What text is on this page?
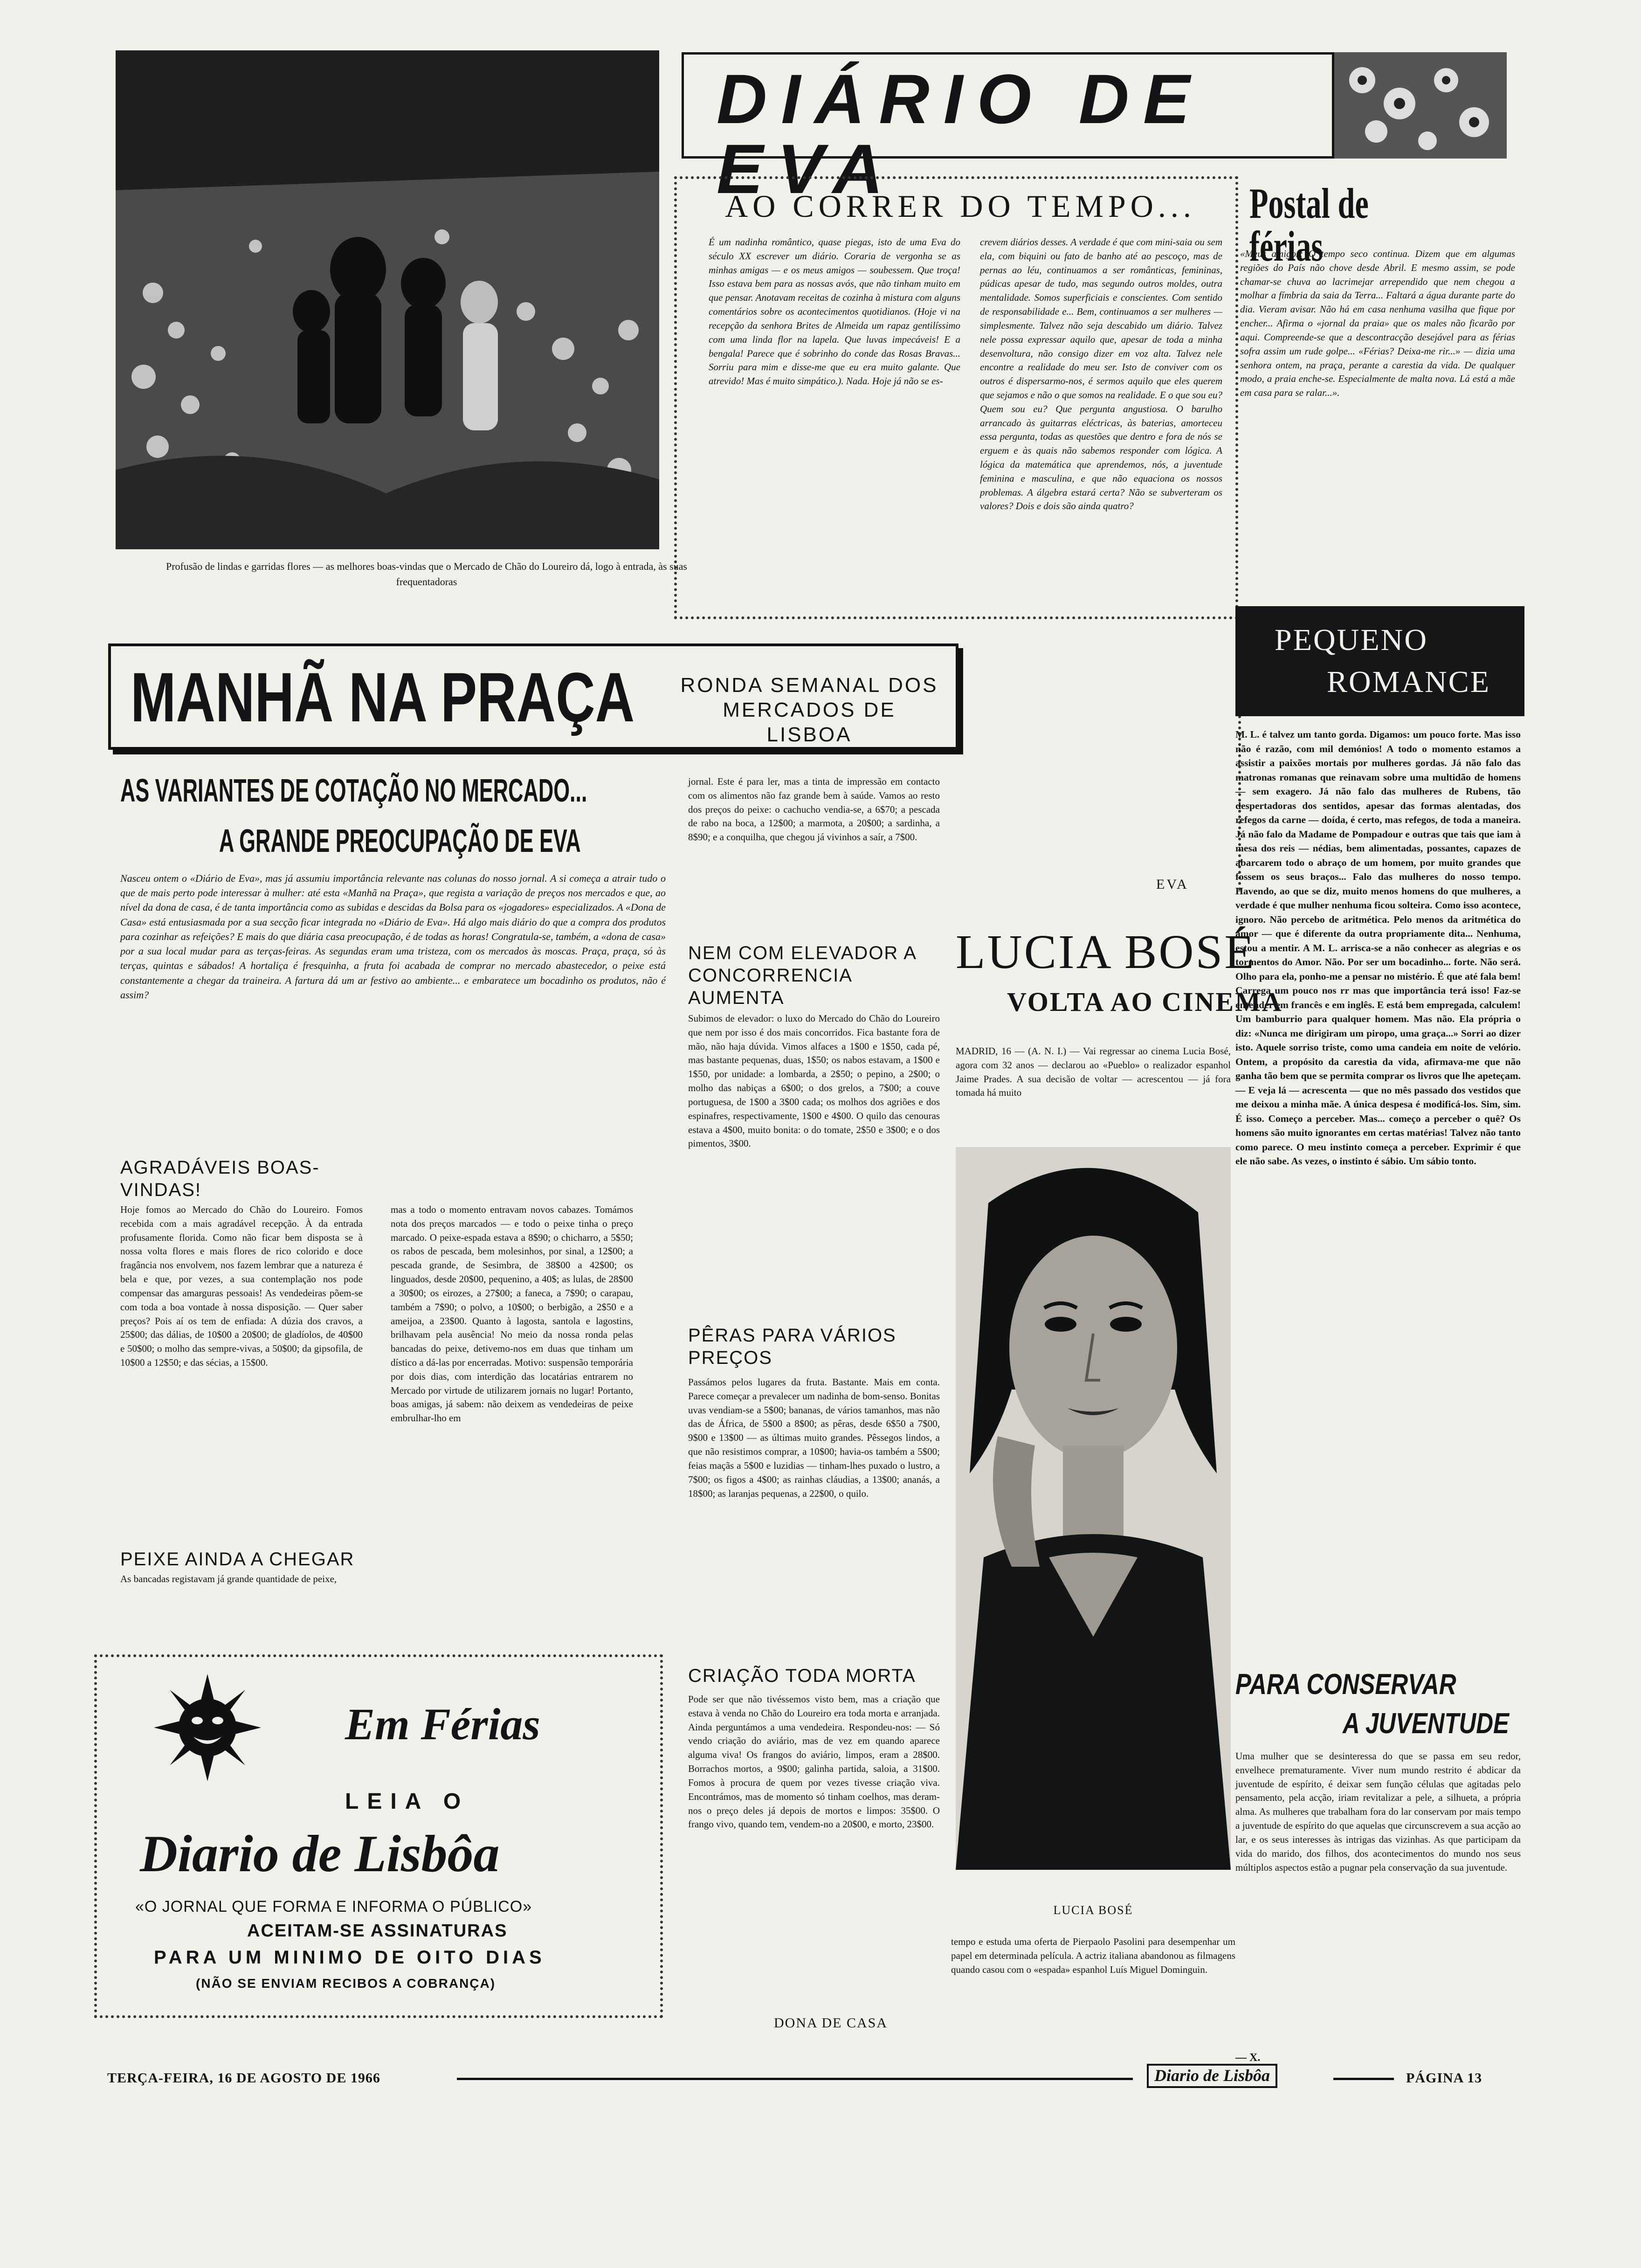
Profusão de lindas e garridas flores — as melhores boas-vindas que o Mercado de Chão do Loureiro dá, logo à entrada, às suas frequentadoras
DIÁRIO DE EVA
AO CORRER DO TEMPO...
É um nadinha romântico, quase piegas, isto de uma Eva do século XX escrever um diário. Coraria de vergonha se as minhas amigas — e os meus amigos — soubessem. Que troça! Isso estava bem para as nossas avós, que não tinham muito em que pensar. Anotavam receitas de cozinha à mistura com alguns comentários sobre os acontecimentos quotidianos. (Hoje vi na recepção da senhora Brites de Almeida um rapaz gentilíssimo com uma linda flor na lapela. Que luvas impecáveis! E a bengala! Parece que é sobrinho do conde das Rosas Bravas... Sorriu para mim e disse-me que eu era muito galante. Que atrevido! Mas é muito simpático.). Nada. Hoje já não se es-
crevem diários desses. A verdade é que com mini-saia ou sem ela, com biquini ou fato de banho até ao pescoço, mas de pernas ao léu, continuamos a ser românticas, femininas, púdicas apesar de tudo, mas segundo outros moldes, outra mentalidade. Somos superficiais e conscientes. Com sentido de responsabilidade e... Bem, continuamos a ser mulheres — simplesmente. Talvez não seja descabido um diário. Talvez nele possa expressar aquilo que, apesar de toda a minha desenvoltura, não consigo dizer em voz alta. Talvez nele encontre a realidade do meu ser. Isto de conviver com os outros é dispersarmo-nos, é sermos aquilo que eles querem que sejamos e não o que somos na realidade. E o que sou eu? Quem sou eu? Que pergunta angustiosa. O barulho arrancado às guitarras eléctricas, às baterias, amorteceu essa pergunta, todas as questões que dentro e fora de nós se erguem e às quais não sabemos responder com lógica. A lógica da matemática que aprendemos, nós, a juventude feminina e masculina, e que não equaciona os nossos problemas. A álgebra estará certa? Não se subverteram os valores? Dois e dois são ainda quatro?
EVA
Postal de férias
«Meus amigos: O tempo seco continua. Dizem que em algumas regiões do País não chove desde Abril. E mesmo assim, se pode chamar-se chuva ao lacrimejar arrependido que nem chegou a molhar a fímbria da saia da Terra... Faltará a água durante parte do dia. Vieram avisar. Não há em casa nenhuma vasilha que fique por encher... Afirma o «jornal da praia» que os males não ficarão por aqui. Compreende-se que a descontracção desejável para as férias sofra assim um rude golpe... «Férias? Deixa-me rir...» — dizia uma senhora ontem, na praça, perante a carestia da vida. De qualquer modo, a praia enche-se. Especialmente de malta nova. Lá está a mãe em casa para se ralar...».
PEQUENO
ROMANCE
M. L. é talvez um tanto gorda. Digamos: um pouco forte. Mas isso não é razão, com mil demónios! A todo o momento estamos a assistir a paixões mortais por mulheres gordas. Já não falo das matronas romanas que reinavam sobre uma multidão de homens — sem exagero. Já não falo das mulheres de Rubens, tão despertadoras dos sentidos, apesar das formas alentadas, dos refegos da carne — doída, é certo, mas refegos, de toda a maneira. Já não falo da Madame de Pompadour e outras que tais que iam à mesa dos reis — nédias, bem alimentadas, possantes, capazes de abarcarem todo o abraço de um homem, por muito grandes que fossem os seus braços... Falo das mulheres do nosso tempo. Havendo, ao que se diz, muito menos homens do que mulheres, a verdade é que mulher nenhuma ficou solteira. Como isso acontece, ignoro. Não percebo de aritmética. Pelo menos da aritmética do amor — que é diferente da outra propriamente dita... Nenhuma, estou a mentir. A M. L. arrisca-se a não conhecer as alegrias e os tormentos do Amor. Não. Por ser um bocadinho... forte. Não será. Olho para ela, ponho-me a pensar no mistério. É que até fala bem! Carrega um pouco nos rr mas que importância terá isso! Faz-se entender em francês e em inglês. E está bem empregada, calculem! Um bamburrio para qualquer homem. Mas não. Ela própria o diz: «Nunca me dirigiram um piropo, uma graça...» Sorri ao dizer isto. Aquele sorriso triste, como uma candeia em noite de velório. Ontem, a propósito da carestia da vida, afirmava-me que não ganha tão bem que se permita comprar os livros que lhe apeteçam. — E veja lá — acrescenta — que no mês passado dos vestidos que me deixou a minha mãe. A única despesa é modificá-los. Sim, sim. É isso. Começo a perceber. Mas... começo a perceber o quê? Os homens são muito ignorantes em certas matérias! Talvez não tanto como parece. O meu instinto começa a perceber. Exprimir é que ele não sabe. As vezes, o instinto é sábio. Um sábio tonto.
PARA CONSERVAR
A JUVENTUDE
Uma mulher que se desinteressa do que se passa em seu redor, envelhece prematuramente. Viver num mundo restrito é abdicar da juventude de espírito, é deixar sem função células que agitadas pelo pensamento, pela acção, iriam revitalizar a pele, a silhueta, a própria alma. As mulheres que trabalham fora do lar conservam por mais tempo a juventude de espírito do que aquelas que circunscrevem a sua acção ao lar, e os seus interesses às intrigas das vizinhas. As que participam da vida do marido, dos filhos, dos acontecimentos do mundo nos seus múltiplos aspectos estão a pugnar pela conservação da sua juventude.
— X.
MANHÃ NA PRAÇA RONDA SEMANAL DOS MERCADOS DE LISBOA
AS VARIANTES DE COTAÇÃO NO MERCADO...
A GRANDE PREOCUPAÇÃO DE EVA
Nasceu ontem o «Diário de Eva», mas já assumiu importância relevante nas colunas do nosso jornal. A si começa a atrair tudo o que de mais perto pode interessar à mulher: até esta «Manhã na Praça», que regista a variação de preços nos mercados e que, ao nível da dona de casa, é de tanta importância como as subidas e descidas da Bolsa para os «jogadores» especializados. A «Dona de Casa» está entusiasmada por a sua secção ficar integrada no «Diário de Eva». Há algo mais diário do que a compra dos produtos para cozinhar as refeições? E mais do que diária casa preocupação, é de todas as horas! Congratula-se, também, a «dona de casa» por a sua local mudar para as terças-feiras. As segundas eram uma tristeza, com os mercados às moscas. Praça, praça, só às terças, quintas e sábados! A hortaliça é fresquinha, a fruta foi acabada de comprar no mercado abastecedor, o peixe está constantemente a chegar da traineira. A fartura dá um ar festivo ao ambiente... e embaratece um bocadinho os produtos, não é assim?
AGRADÁVEIS BOAS-VINDAS!
Hoje fomos ao Mercado do Chão do Loureiro. Fomos recebida com a mais agradável recepção. À da entrada profusamente florida. Como não ficar bem disposta se à nossa volta flores e mais flores de rico colorido e doce fragância nos envolvem, nos fazem lembrar que a natureza é bela e que, por vezes, a sua contemplação nos pode compensar das amarguras pessoais! As vendedeiras põem-se com toda a boa vontade à nossa disposição. — Quer saber preços? Pois aí os tem de enfiada: A dúzia dos cravos, a 25$00; das dálias, de 10$00 a 20$00; de gladíolos, de 40$00 e 50$00; o molho das sempre-vivas, a 50$00; da gipsofila, de 10$00 a 12$50; e das sécias, a 15$00.
PEIXE AINDA A CHEGAR
As bancadas registavam já grande quantidade de peixe,
mas a todo o momento entravam novos cabazes. Tomámos nota dos preços marcados — e todo o peixe tinha o preço marcado. O peixe-espada estava a 8$90; o chicharro, a 5$50; os rabos de pescada, bem molesinhos, por sinal, a 12$00; a pescada grande, de Sesimbra, de 38$00 a 42$00; os linguados, desde 20$00, pequenino, a 40$; as lulas, de 28$00 a 30$00; os eirozes, a 27$00; a faneca, a 7$90; o carapau, também a 7$90; o polvo, a 10$00; o berbigão, a 2$50 e a ameijoa, a 23$00. Quanto à lagosta, santola e lagostins, brilhavam pela ausência! No meio da nossa ronda pelas bancadas do peixe, detivemo-nos em duas que tinham um dístico a dá-las por encerradas. Motivo: suspensão temporária por dois dias, com interdição das locatárias entrarem no Mercado por virtude de utilizarem jornais no lugar! Portanto, boas amigas, já sabem: não deixem as vendedeiras de peixe embrulhar-lho em
jornal. Este é para ler, mas a tinta de impressão em contacto com os alimentos não faz grande bem à saúde. Vamos ao resto dos preços do peixe: o cachucho vendia-se, a 6$70; a pescada de rabo na boca, a 12$00; a marmota, a 20$00; a sardinha, a 8$90; e a conquilha, que chegou já vivinhos a saír, a 7$00.
NEM COM ELEVADOR A CONCORRENCIA AUMENTA
Subimos de elevador: o luxo do Mercado do Chão do Loureiro que nem por isso é dos mais concorridos. Fica bastante fora de mão, não haja dúvida. Vimos alfaces a 1$00 e 1$50, cada pé, mas bastante pequenas, duas, 1$50; os nabos estavam, a 1$00 e 1$50, por unidade: a lombarda, a 2$50; o pepino, a 2$00; o molho das nabiças a 6$00; o dos grelos, a 7$00; a couve portuguesa, de 1$00 a 3$00 cada; os molhos dos agriões e dos espinafres, respectivamente, 1$00 e 4$00. O quilo das cenouras estava a 4$00, muito bonita: o do tomate, 2$50 e 3$00; e o dos pimentos, 3$00.
PÊRAS PARA VÁRIOS PREÇOS
Passámos pelos lugares da fruta. Bastante. Mais em conta. Parece começar a prevalecer um nadinha de bom-senso. Bonitas uvas vendiam-se a 5$00; bananas, de vários tamanhos, mas não das de África, de 5$00 a 8$00; as pêras, desde 6$50 a 7$00, 9$00 e 13$00 — as últimas muito grandes. Pêssegos lindos, a que não resistimos comprar, a 10$00; havia-os também a 5$00; feias maçãs a 5$00 e luzidias — tinham-lhes puxado o lustro, a 7$00; os figos a 4$00; as rainhas cláudias, a 13$00; ananás, a 18$00; as laranjas pequenas, a 22$00, o quilo.
CRIAÇÃO TODA MORTA
Pode ser que não tivéssemos visto bem, mas a criação que estava à venda no Chão do Loureiro era toda morta e arranjada. Ainda perguntámos a uma vendedeira. Respondeu-nos: — Só vendo criação do aviário, mas de vez em quando aparece alguma viva! Os frangos do aviário, limpos, eram a 28$00. Borrachos mortos, a 9$00; galinha partida, saloia, a 31$00. Fomos à procura de quem por vezes tivesse criação viva. Encontrámos, mas de momento só tinham coelhos, mas deram-nos o preço deles já depois de mortos e limpos: 35$00. O frango vivo, quando tem, vendem-no a 20$00, e morto, 23$00.
DONA DE CASA
Em Férias
LEIA O
Diario de Lisbôa
«O JORNAL QUE FORMA E INFORMA O PÚBLICO»
ACEITAM-SE ASSINATURAS
PARA UM MINIMO DE OITO DIAS
(NÃO SE ENVIAM RECIBOS A COBRANÇA)
LUCIA BOSÉ
VOLTA AO CINEMA
MADRID, 16 — (A. N. I.) — Vai regressar ao cinema Lucia Bosé, agora com 32 anos — declarou ao «Pueblo» o realizador espanhol Jaime Prades. A sua decisão de voltar — acrescentou — já fora tomada há muito
LUCIA BOSÉ
tempo e estuda uma oferta de Pierpaolo Pasolini para desempenhar um papel em determinada película. A actriz italiana abandonou as filmagens quando casou com o «espada» espanhol Luís Miguel Dominguin.
TERÇA-FEIRA, 16 DE AGOSTO DE 1966	Diario de Lisbôa	PÁGINA 13
